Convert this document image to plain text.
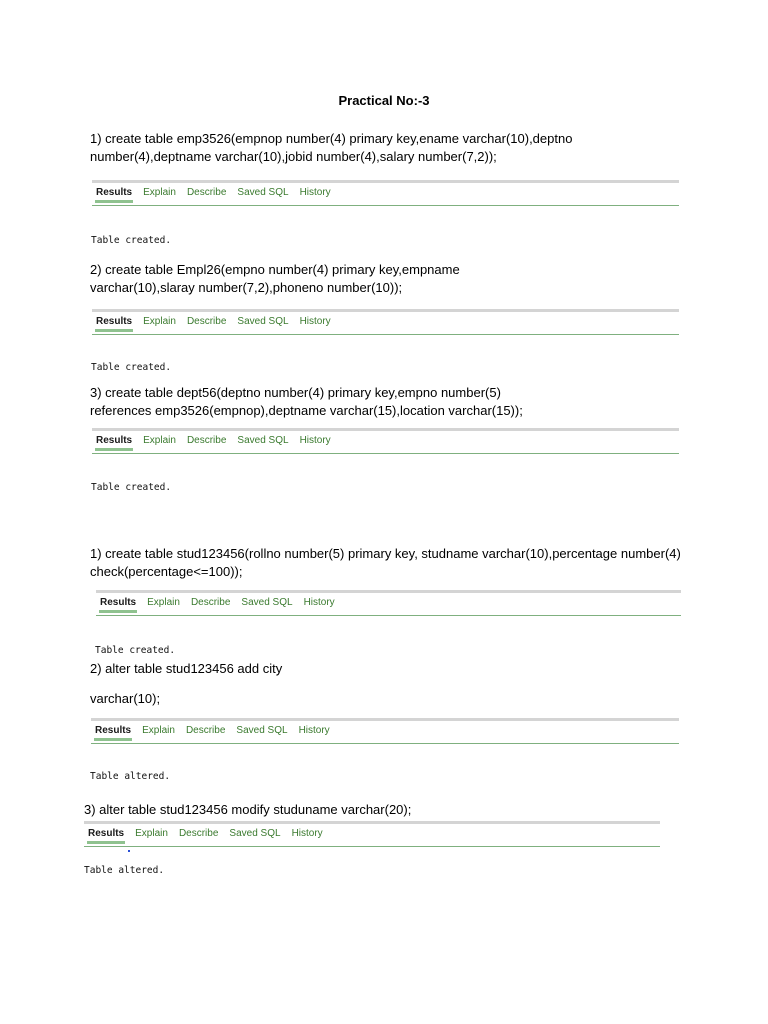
Practical No:-3

1) create table emp3526(empnop number(4) primary key,ename varchar(10),deptno
number(4),deptname varchar(10),jobid number(4),salary number(7,2));

Results Explain Describe Saved SQL History
Table created.

2) create table Empl26(empno number(4) primary key,empname
varchar(10),slaray number(7,2),phoneno number(10));

Results Explain Describe Saved SQL History
Table created.

3) create table dept56(deptno number(4) primary key,empno number(5)
references emp3526(empnop),deptname varchar(15),location varchar(15));

Results Explain Describe Saved SQL History
Table created.

1) create table stud123456(rollno number(5) primary key, studname varchar(10),percentage number(4)
check(percentage<=100));

Results Explain Describe Saved SQL History
Table created.

2) alter table stud123456 add city

varchar(10);

Results Explain Describe Saved SQL History
Table altered.

3) alter table stud123456 modify studuname varchar(20);

Results Explain Describe Saved SQL History
Table altered.
